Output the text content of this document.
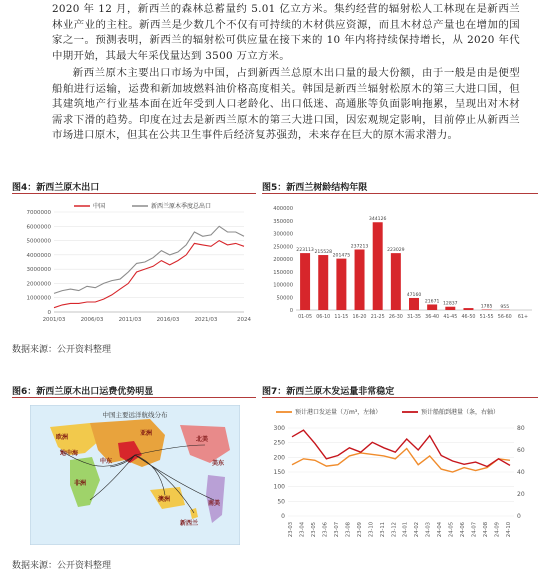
2020 年 12 月，新西兰的森林总蓄量约 5.01 亿立方米。集约经营的辐射松人工林现在是新西兰林业产业的主柱。新西兰是少数几个不仅有可持续的木材供应资源，而且木材总产量也在增加的国家之一。预测表明，新西兰的辐射松可供应量在接下来的 10 年内将持续保持增长，从 2020 年代中期开始，其最大年采伐量达到 3500 万立方米。
新西兰原木主要出口市场为中国，占到新西兰总原木出口量的最大份额，由于一般是由是便型船舶进行运输，运费和新加坡燃料油价格高度相关。韩国是新西兰辐射松原木的第三大进口国，但其建筑地产行业基本面在近年受到人口老龄化、出口低迷、高通胀等负面影响拖累，呈现出对木材需求下滑的趋势。印度在过去是新西兰原木的第三大进口国，因宏观规定影响，目前停止从新西兰市场进口原木，但其在公共卫生事件后经济复苏强劲，未来存在巨大的原木需求潜力。
图4：新西兰原木出口
7000000
6000000
5000000
4000000
3000000
2000000
1000000
0
2001/03	2006/03	2011/03	2016/03	2021/03	2024
中国	新西兰原木季度总出口
图5：新西兰树龄结构年限
400000
350000
300000
250000
200000
150000
100000
50000
0
223113
01-05
215528
06-10
201475
11-15
237213
16-20
344126
21-25
223029
26-30
47160
31-35
21671
36-40
12837
41-45 46-50
1785
51-55
955
56-60 61+
数据来源：公开资料整理
图6：新西兰原木出口运费优势明显
中国主要远洋航线分布
欧洲	北美
美东
澳洲
新西兰
亚洲
中东
非洲
南美
地中海
图7：新西兰原木发运量非常稳定
300
250
200
150
100
50
0
80
60
40
20
0
23-03 23-04 23-05 23-06 23-07 23-08 23-09 23-10 23-11 23-12 24-01 24-02 24-03 24-04 24-05 24-06 24-07 24-08 24-09 24-10
预计港口发运量（万m³，左轴）	预计船舶到港量（条，右轴）
数据来源：公开资料整理
